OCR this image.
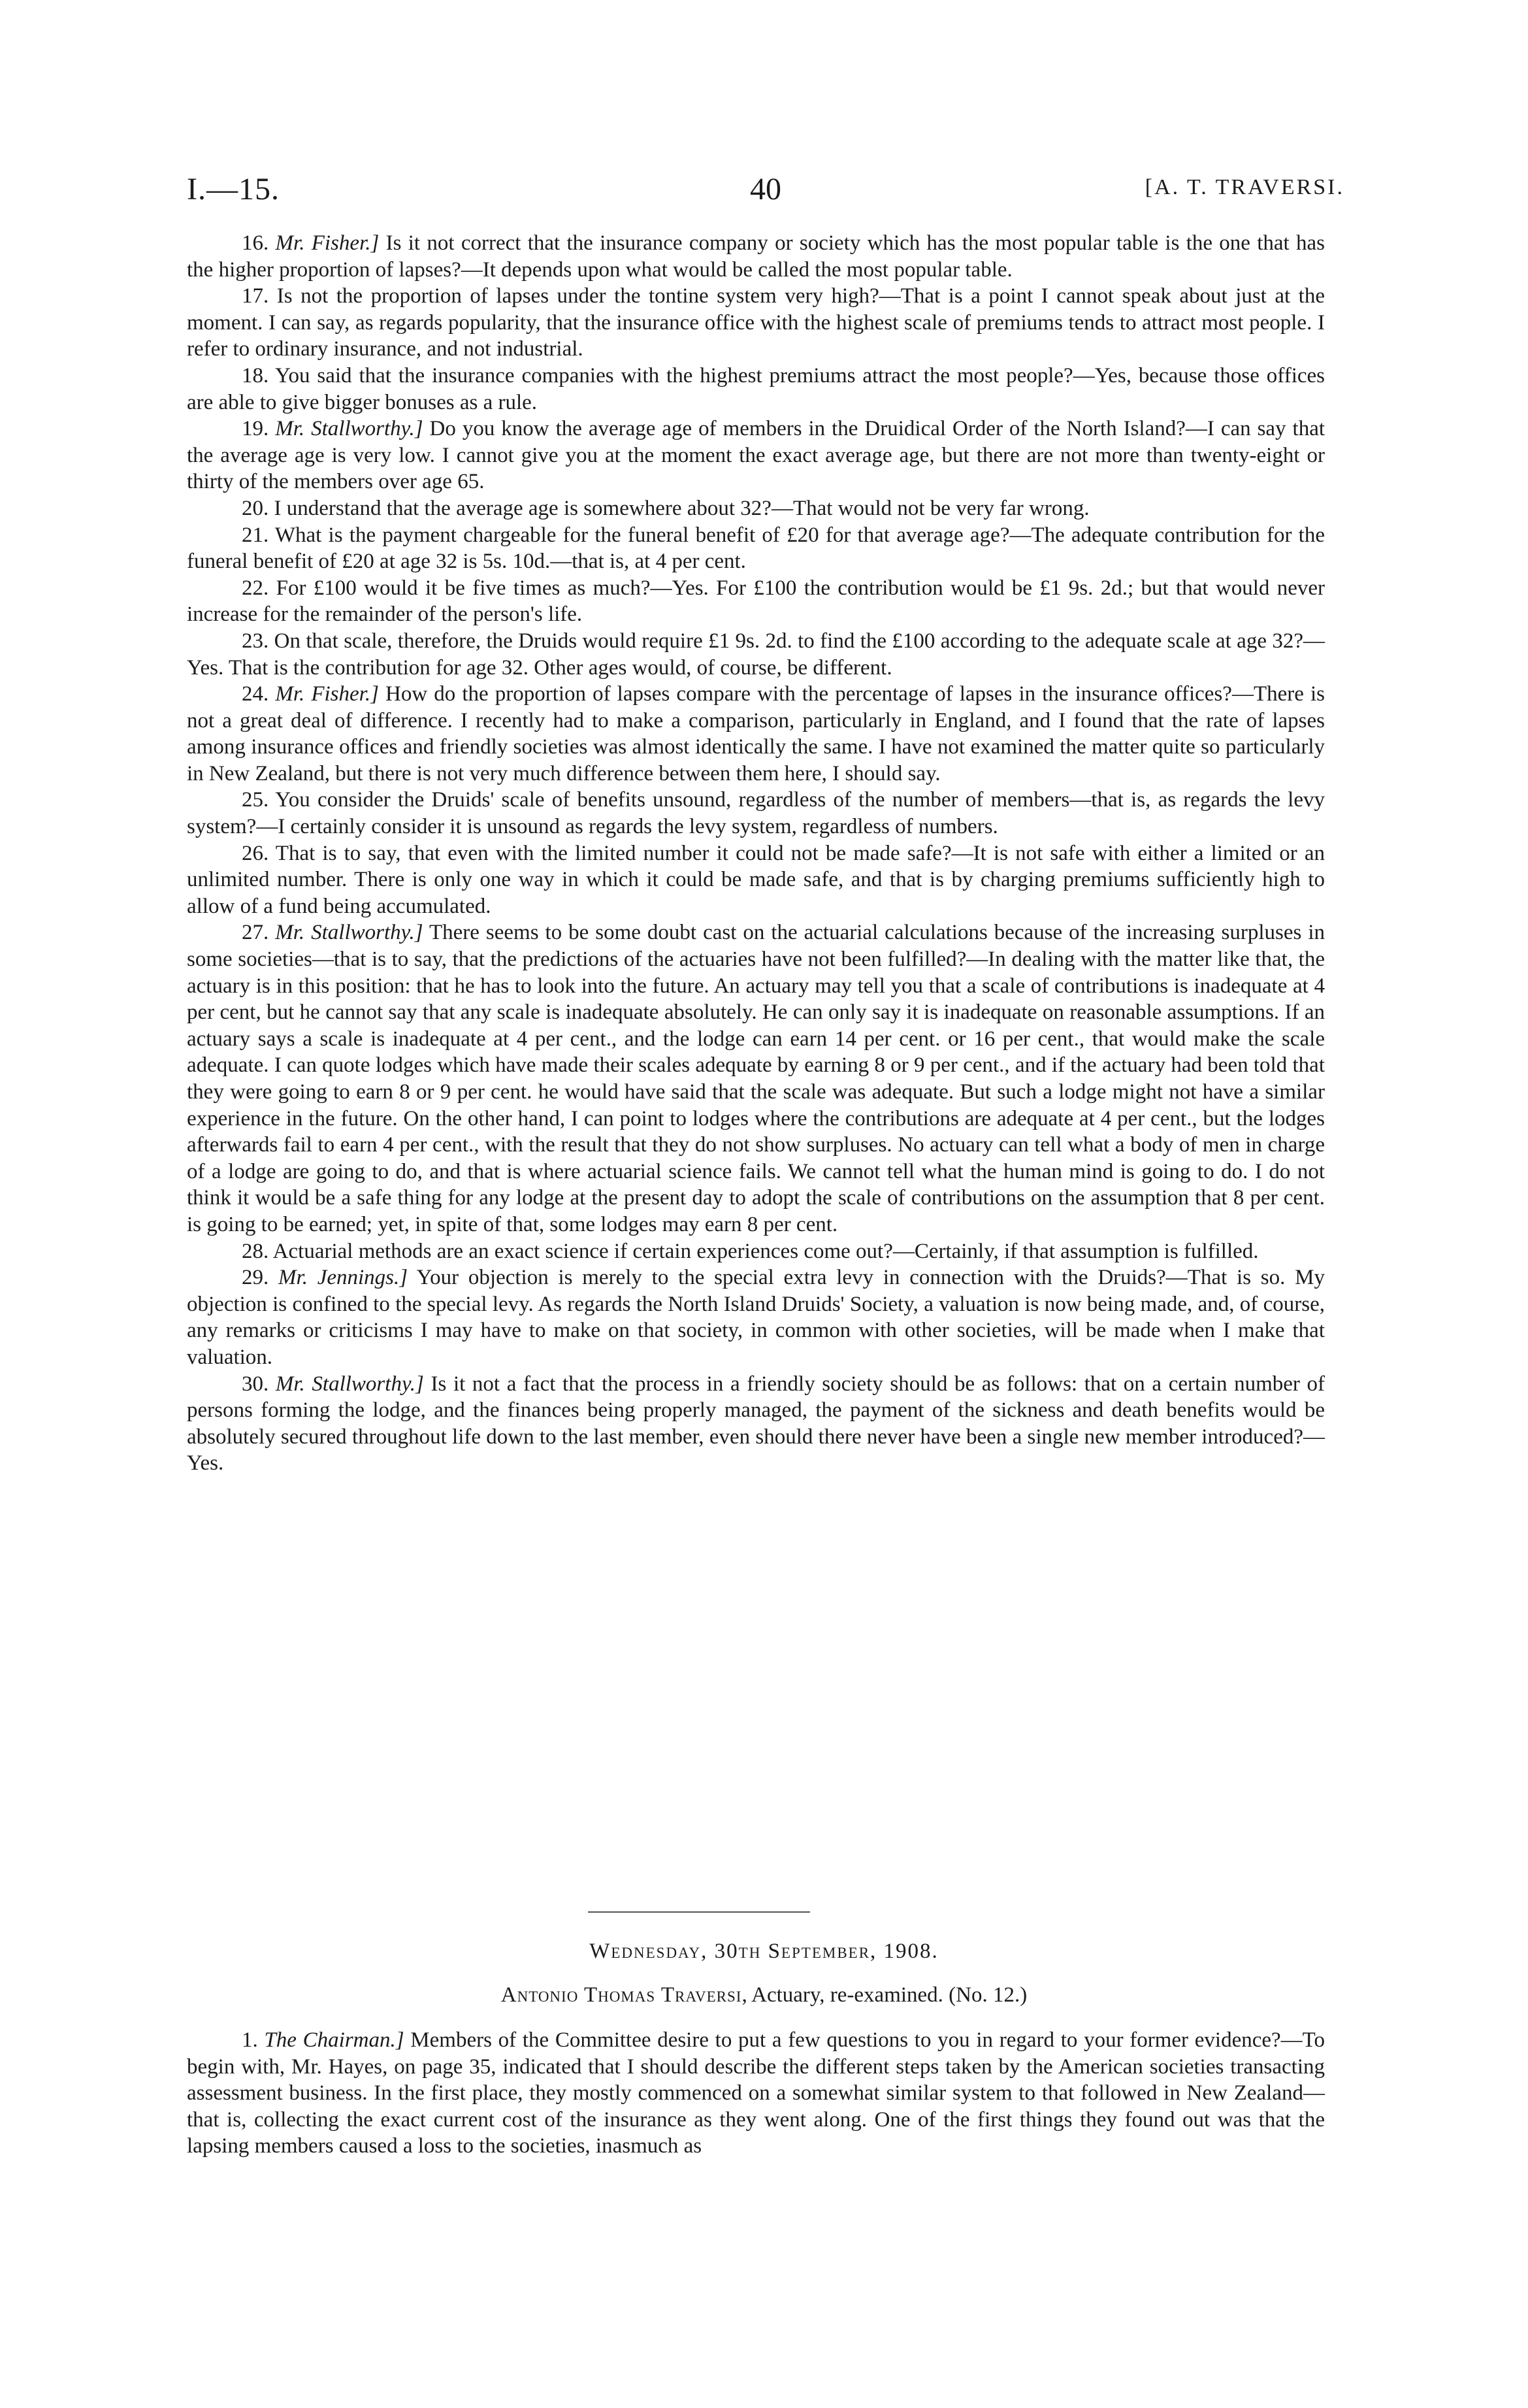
I.—15.	40	[A. T. TRAVERSI.

16. Mr. Fisher.] Is it not correct that the insurance company or society which has the most popular table is the one that has the higher proportion of lapses?—It depends upon what would be called the most popular table.

17. Is not the proportion of lapses under the tontine system very high?—That is a point I cannot speak about just at the moment. I can say, as regards popularity, that the insurance office with the highest scale of premiums tends to attract most people. I refer to ordinary insurance, and not industrial.

18. You said that the insurance companies with the highest premiums attract the most people?—Yes, because those offices are able to give bigger bonuses as a rule.

19. Mr. Stallworthy.] Do you know the average age of members in the Druidical Order of the North Island?—I can say that the average age is very low. I cannot give you at the moment the exact average age, but there are not more than twenty-eight or thirty of the members over age 65.

20. I understand that the average age is somewhere about 32?—That would not be very far wrong.

21. What is the payment chargeable for the funeral benefit of £20 for that average age?—The adequate contribution for the funeral benefit of £20 at age 32 is 5s. 10d.—that is, at 4 per cent.

22. For £100 would it be five times as much?—Yes. For £100 the contribution would be £1 9s. 2d.; but that would never increase for the remainder of the person's life.

23. On that scale, therefore, the Druids would require £1 9s. 2d. to find the £100 according to the adequate scale at age 32?—Yes. That is the contribution for age 32. Other ages would, of course, be different.

24. Mr. Fisher.] How do the proportion of lapses compare with the percentage of lapses in the insurance offices?—There is not a great deal of difference. I recently had to make a comparison, particularly in England, and I found that the rate of lapses among insurance offices and friendly societies was almost identically the same. I have not examined the matter quite so particularly in New Zealand, but there is not very much difference between them here, I should say.

25. You consider the Druids' scale of benefits unsound, regardless of the number of members—that is, as regards the levy system?—I certainly consider it is unsound as regards the levy system, regardless of numbers.

26. That is to say, that even with the limited number it could not be made safe?—It is not safe with either a limited or an unlimited number. There is only one way in which it could be made safe, and that is by charging premiums sufficiently high to allow of a fund being accumulated.

27. Mr. Stallworthy.] There seems to be some doubt cast on the actuarial calculations because of the increasing surpluses in some societies—that is to say, that the predictions of the actuaries have not been fulfilled?—In dealing with the matter like that, the actuary is in this position: that he has to look into the future. An actuary may tell you that a scale of contributions is inadequate at 4 per cent, but he cannot say that any scale is inadequate absolutely. He can only say it is inadequate on reasonable assumptions. If an actuary says a scale is inadequate at 4 per cent., and the lodge can earn 14 per cent. or 16 per cent., that would make the scale adequate. I can quote lodges which have made their scales adequate by earning 8 or 9 per cent., and if the actuary had been told that they were going to earn 8 or 9 per cent. he would have said that the scale was adequate. But such a lodge might not have a similar experience in the future. On the other hand, I can point to lodges where the contributions are adequate at 4 per cent., but the lodges afterwards fail to earn 4 per cent., with the result that they do not show surpluses. No actuary can tell what a body of men in charge of a lodge are going to do, and that is where actuarial science fails. We cannot tell what the human mind is going to do. I do not think it would be a safe thing for any lodge at the present day to adopt the scale of contributions on the assumption that 8 per cent. is going to be earned; yet, in spite of that, some lodges may earn 8 per cent.

28. Actuarial methods are an exact science if certain experiences come out?—Certainly, if that assumption is fulfilled.

29. Mr. Jennings.] Your objection is merely to the special extra levy in connection with the Druids?—That is so. My objection is confined to the special levy. As regards the North Island Druids' Society, a valuation is now being made, and, of course, any remarks or criticisms I may have to make on that society, in common with other societies, will be made when I make that valuation.

30. Mr. Stallworthy.] Is it not a fact that the process in a friendly society should be as follows: that on a certain number of persons forming the lodge, and the finances being properly managed, the payment of the sickness and death benefits would be absolutely secured throughout life down to the last member, even should there never have been a single new member introduced?—Yes.

Wednesday, 30th September, 1908.
Antonio Thomas Traversi, Actuary, re-examined. (No. 12.)

1. The Chairman.] Members of the Committee desire to put a few questions to you in regard to your former evidence?—To begin with, Mr. Hayes, on page 35, indicated that I should describe the different steps taken by the American societies transacting assessment business. In the first place, they mostly commenced on a somewhat similar system to that followed in New Zealand—that is, collecting the exact current cost of the insurance as they went along. One of the first things they found out was that the lapsing members caused a loss to the societies, inasmuch as
